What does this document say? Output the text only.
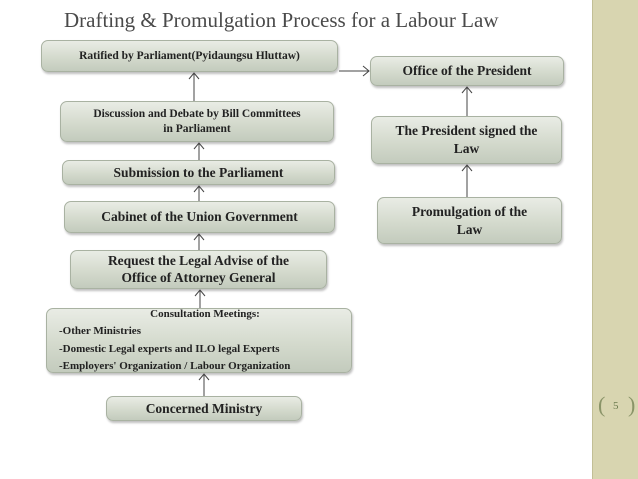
Drafting & Promulgation Process for a Labour Law
Ratified by Parliament(Pyidaungsu Hluttaw)
Discussion and Debate by Bill Committees
in Parliament
Submission to the Parliament
Cabinet of the Union Government
Request the Legal Advise of the
Office of Attorney General
Consultation Meetings:
-Other Ministries
-Domestic Legal experts and ILO legal Experts
-Employers' Organization / Labour Organization
Concerned Ministry
Office of the President
The President signed the
Law
Promulgation of the
Law
( 5 )
